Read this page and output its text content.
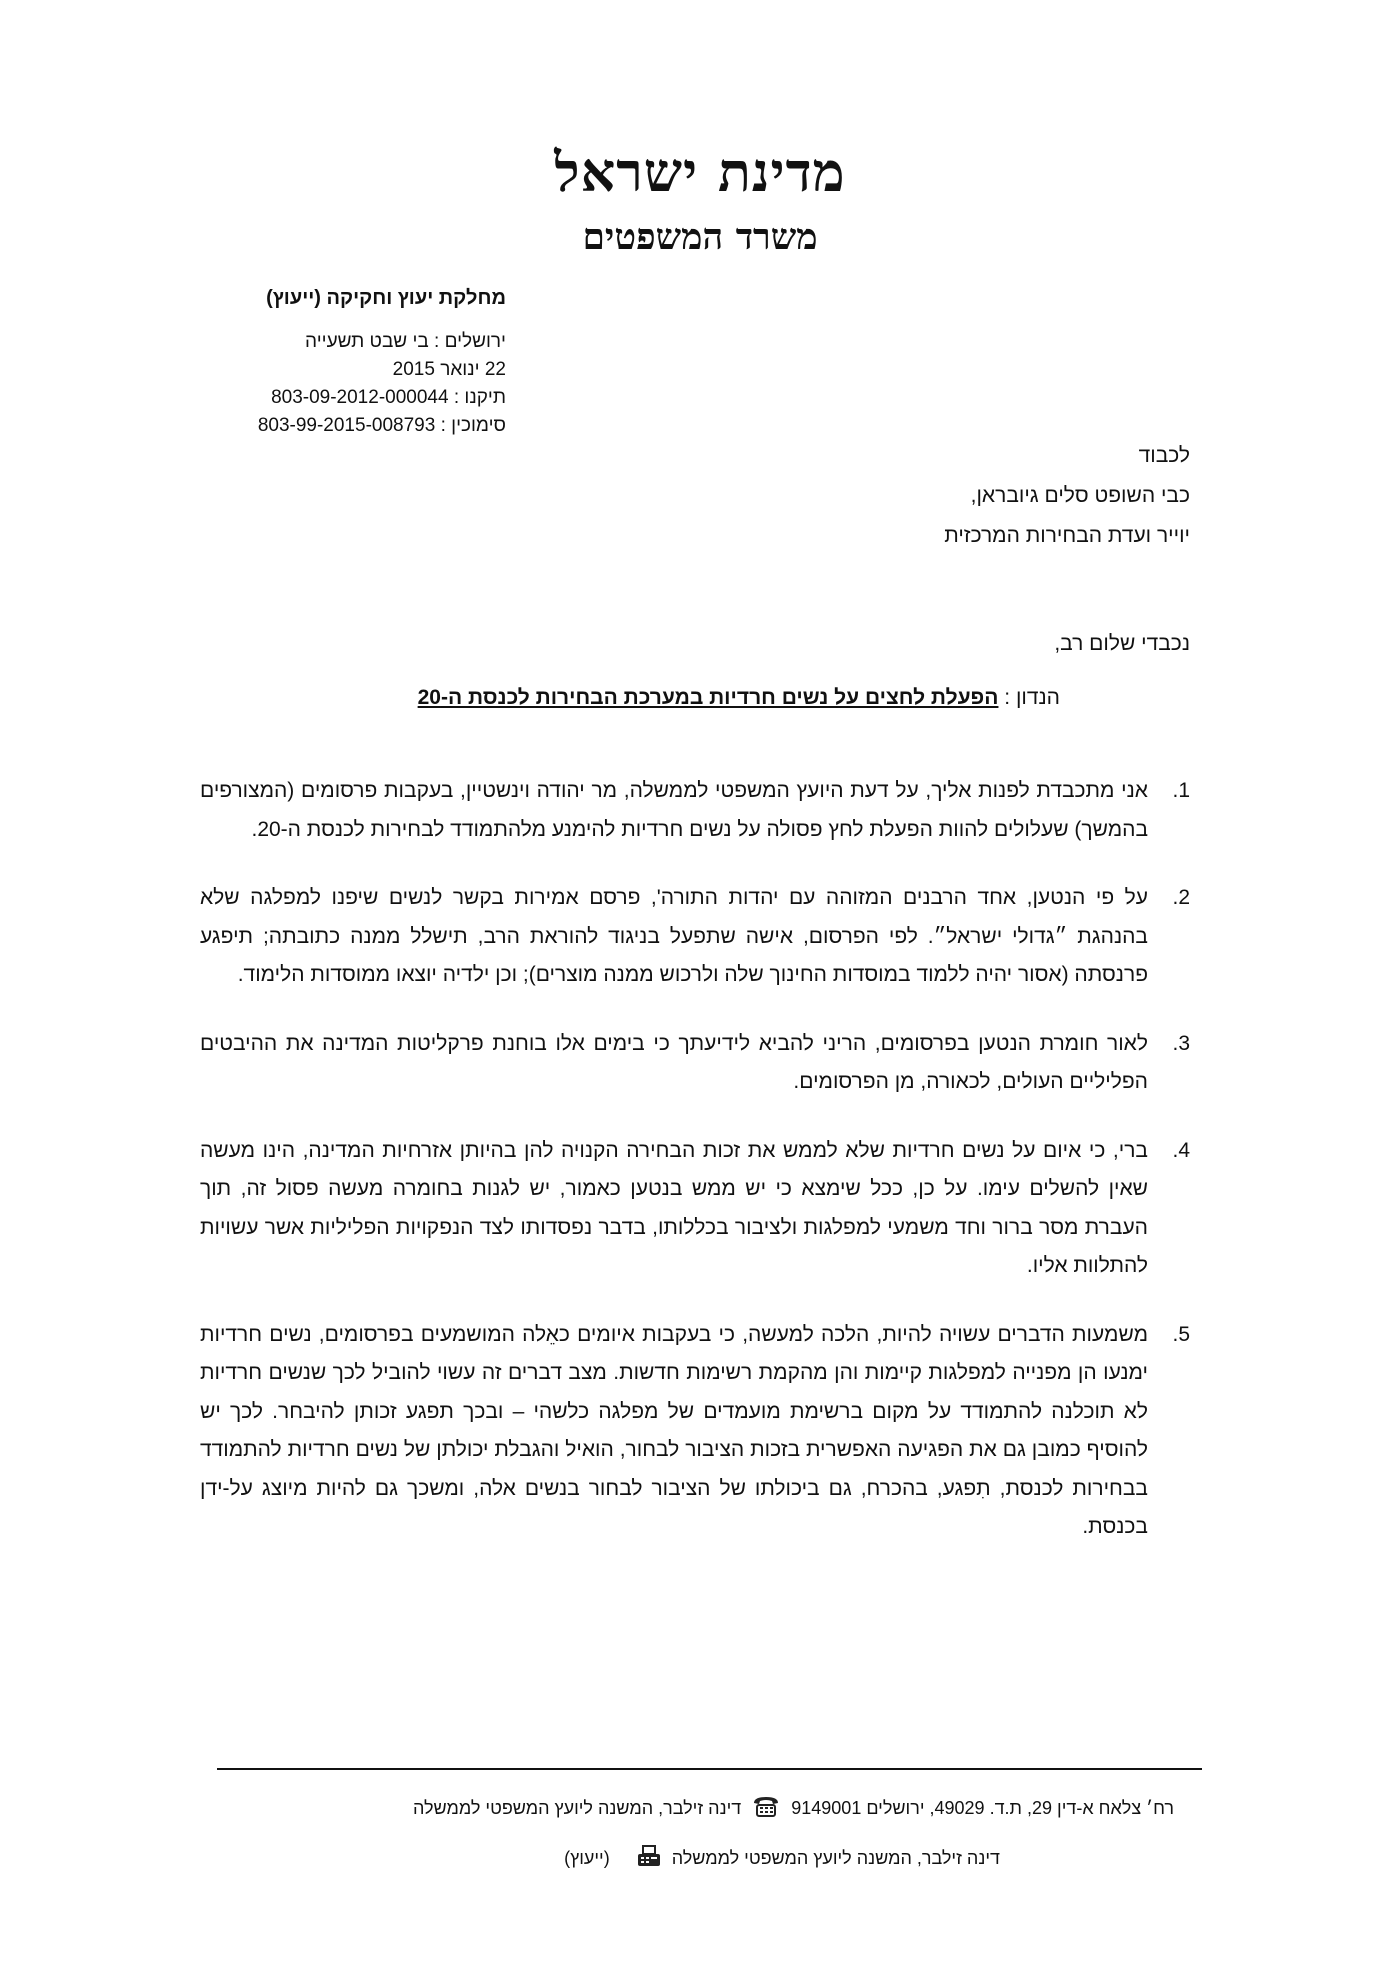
מדינת ישראל
משרד המשפטים
מחלקת יעוץ וחקיקה (ייעוץ)
ירושלים : בי שבט תשעייה
22 ינואר 2015
תיקנו : 803-09-2012-000044
סימוכין : 803-99-2015-008793
לכבוד
כבי השופט סלים גיובראן,
יוייר ועדת הבחירות המרכזית
נכבדי שלום רב,
הנדון : הפעלת לחצים על נשים חרדיות במערכת הבחירות לכנסת ה-20
1.
אני מתכבדת לפנות אליך, על דעת היועץ המשפטי לממשלה, מר יהודה וינשטיין, בעקבות פרסומים (המצורפים בהמשך) שעלולים להוות הפעלת לחץ פסולה על נשים חרדיות להימנע מלהתמודד לבחירות לכנסת ה-20.
2.
על פי הנטען, אחד הרבנים המזוהה עם יהדות התורה', פרסם אמירות בקשר לנשים שיפנו למפלגה שלא בהנהגת ״גדולי ישראל״. לפי הפרסום, אישה שתפעל בניגוד להוראת הרב, תישלל ממנה כתובתה; תיפגע פרנסתה (אסור יהיה ללמוד במוסדות החינוך שלה ולרכוש ממנה מוצרים); וכן ילדיה יוצאו ממוסדות הלימוד.
3.
לאור חומרת הנטען בפרסומים, הריני להביא לידיעתך כי בימים אלו בוחנת פרקליטות המדינה את ההיבטים הפליליים העולים, לכאורה, מן הפרסומים.
4.
ברי, כי איום על נשים חרדיות שלא לממש את זכות הבחירה הקנויה להן בהיותן אזרחיות המדינה, הינו מעשה שאין להשלים עימו. על כן, ככל שימצא כי יש ממש בנטען כאמור, יש לגנות בחומרה מעשה פסול זה, תוך העברת מסר ברור וחד משמעי למפלגות ולציבור בכללותו, בדבר נפסדותו לצד הנפקויות הפליליות אשר עשויות להתלוות אליו.
5.
משמעות הדברים עשויה להיות, הלכה למעשה, כי בעקבות איומים כאֵלה המושמעים בפרסומים, נשים חרדיות ימנעו הן מפנייה למפלגות קיימות והן מהקמת רשימות חדשות. מצב דברים זה עשוי להוביל לכך שנשים חרדיות לא תוכלנה להתמודד על מקום ברשימת מועמדים של מפלגה כלשהי – ובכך תפגע זכותן להיבחר. לכך יש להוסיף כמובן גם את הפגיעה האפשרית בזכות הציבור לבחור, הואיל והגבלת יכולתן של נשים חרדיות להתמודד בבחירות לכנסת, תִפגע, בהכרח, גם ביכולתו של הציבור לבחור בנשים אלה, ומשכך גם להיות מיוצג על-ידן בכנסת.
רח׳ צלאח א-דין 29, ת.ד. 49029, ירושלים 9149001
דינה זילבר, המשנה ליועץ המשפטי לממשלה
דינה זילבר, המשנה ליועץ המשפטי לממשלה
(ייעוץ)
